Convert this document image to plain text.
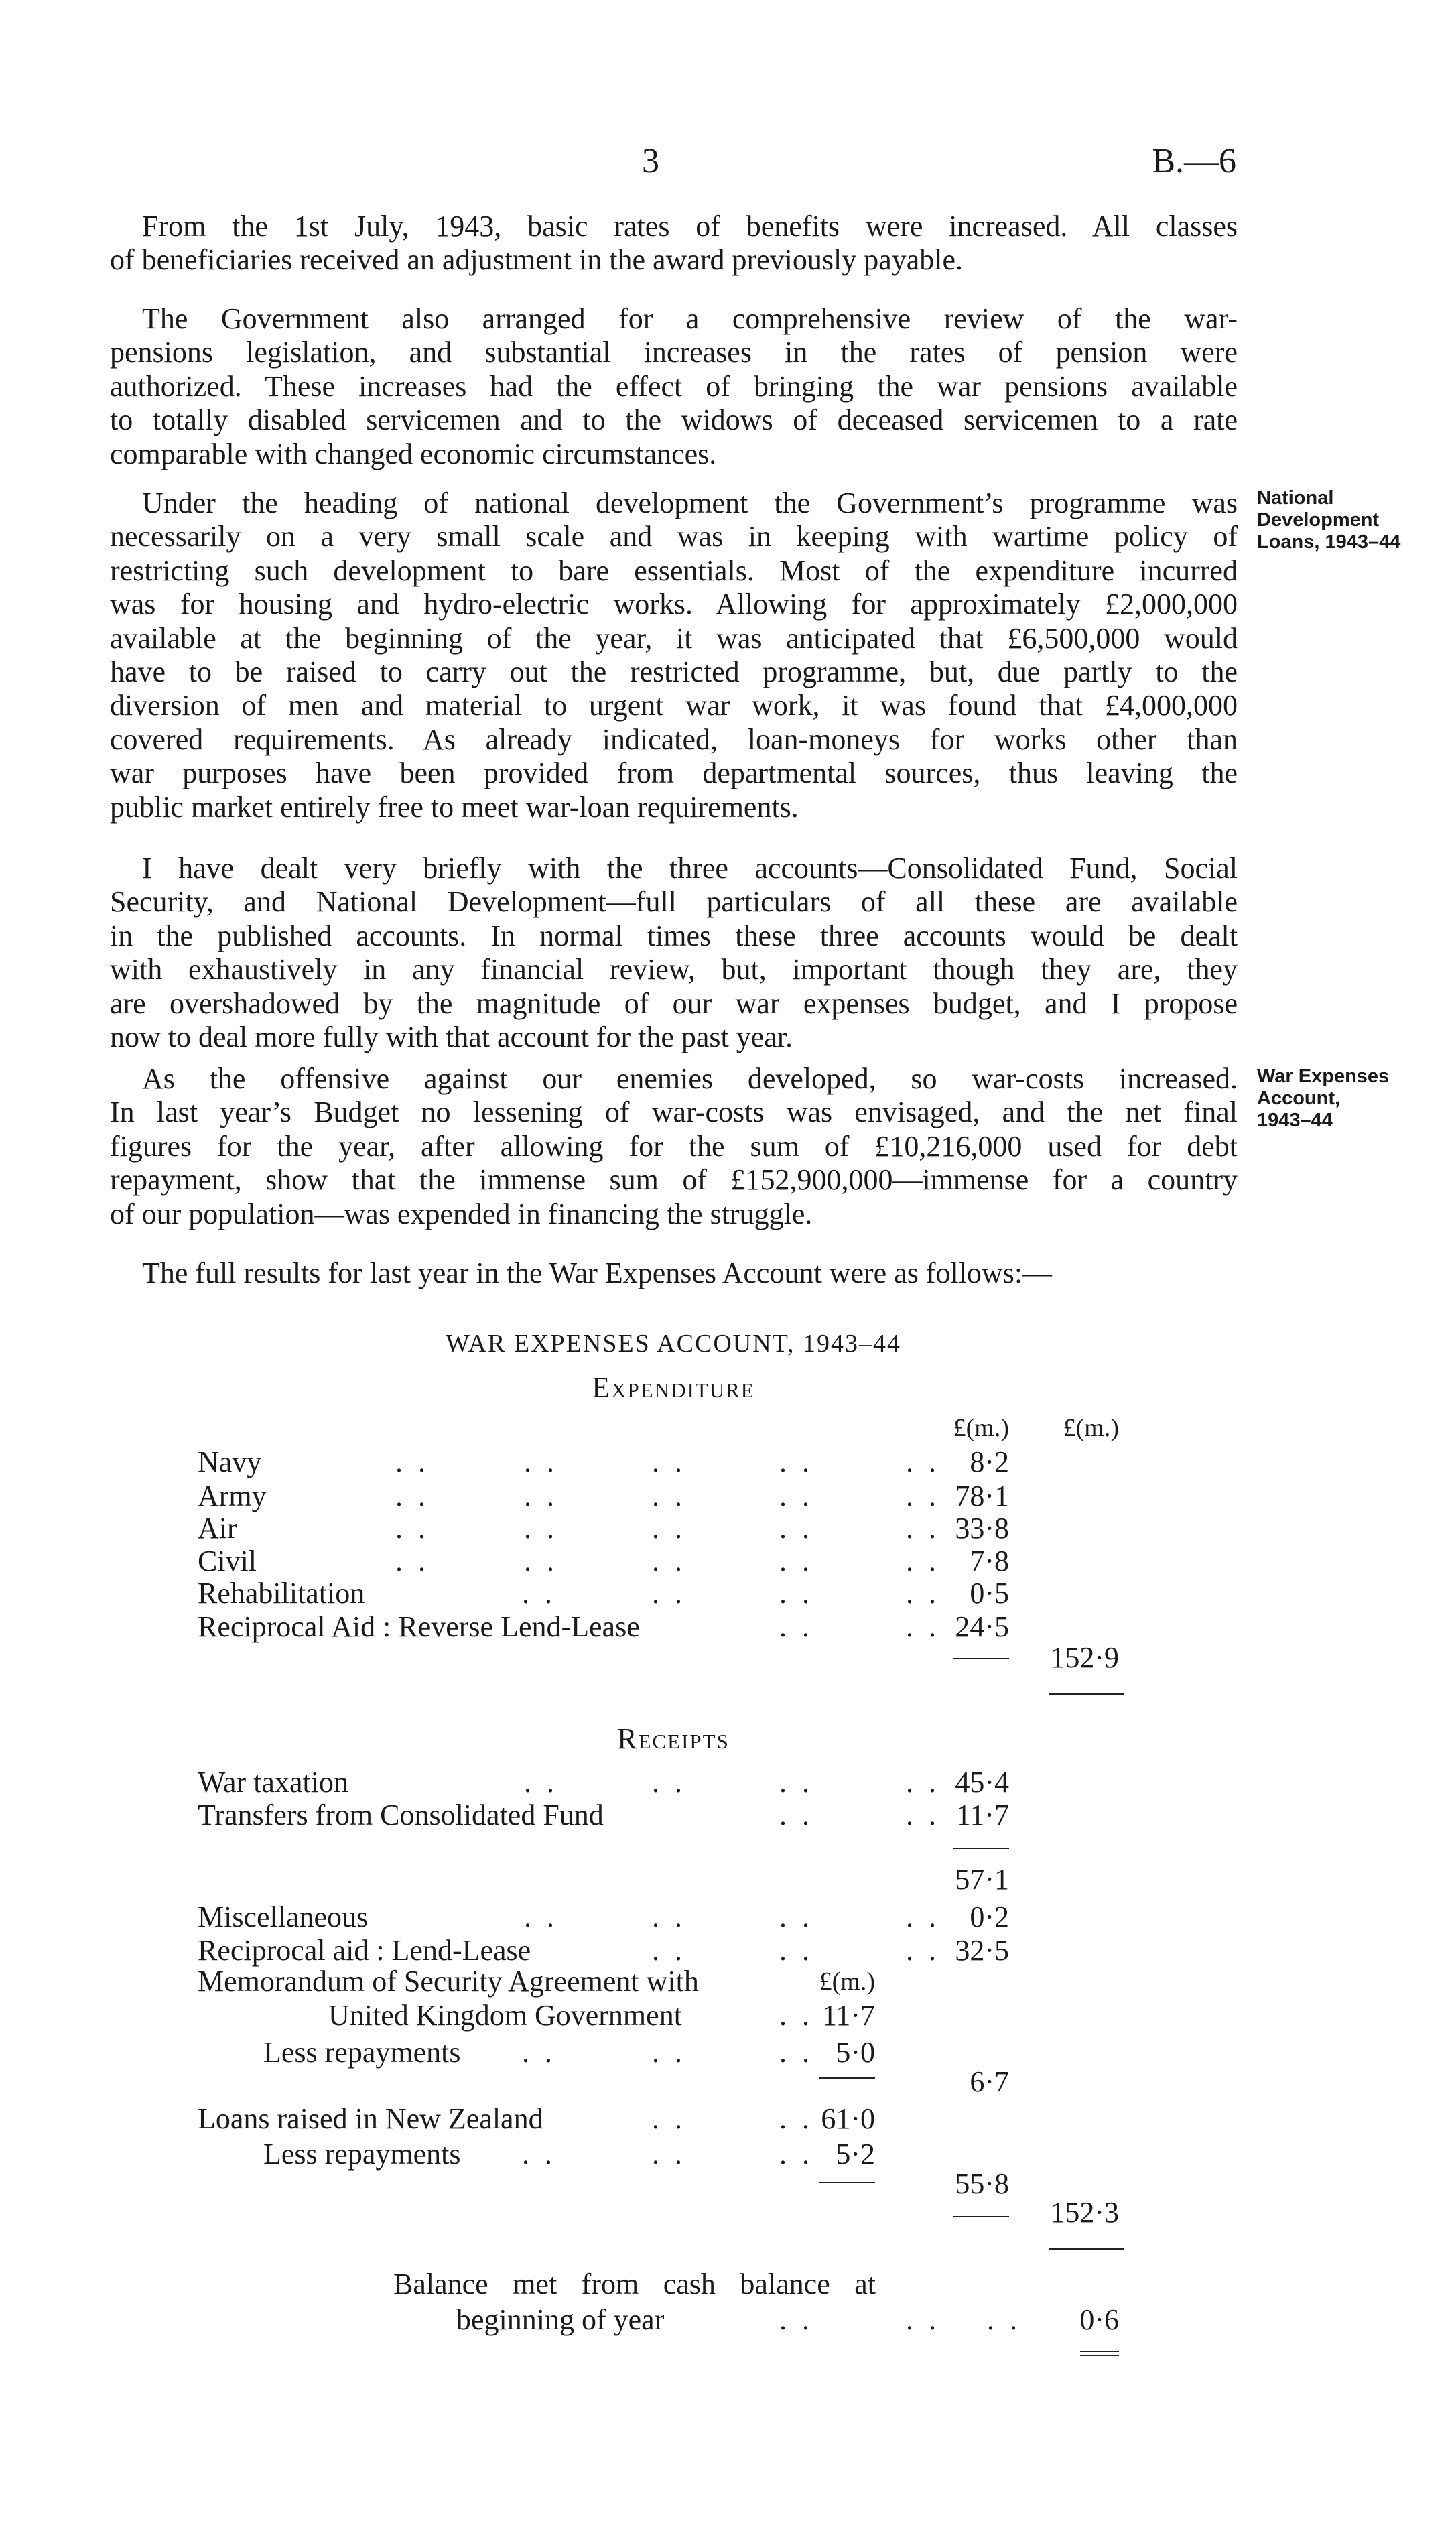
3	B.—6
From the 1st July, 1943, basic rates of benefits were increased. All classes
of beneficiaries received an adjustment in the award previously payable.
The Government also arranged for a comprehensive review of the war-
pensions legislation, and substantial increases in the rates of pension were
authorized. These increases had the effect of bringing the war pensions available
to totally disabled servicemen and to the widows of deceased servicemen to a rate
comparable with changed economic circumstances.
Under the heading of national development the Government’s programme was
necessarily on a very small scale and was in keeping with wartime policy of
restricting such development to bare essentials. Most of the expenditure incurred
was for housing and hydro-electric works. Allowing for approximately £2,000,000
available at the beginning of the year, it was anticipated that £6,500,000 would
have to be raised to carry out the restricted programme, but, due partly to the
diversion of men and material to urgent war work, it was found that £4,000,000
covered requirements. As already indicated, loan-moneys for works other than
war purposes have been provided from departmental sources, thus leaving the
public market entirely free to meet war-loan requirements.
I have dealt very briefly with the three accounts—Consolidated Fund, Social
Security, and National Development—full particulars of all these are available
in the published accounts. In normal times these three accounts would be dealt
with exhaustively in any financial review, but, important though they are, they
are overshadowed by the magnitude of our war expenses budget, and I propose
now to deal more fully with that account for the past year.
As the offensive against our enemies developed, so war-costs increased.
In last year’s Budget no lessening of war-costs was envisaged, and the net final
figures for the year, after allowing for the sum of £10,216,000 used for debt
repayment, show that the immense sum of £152,900,000—immense for a country
of our population—was expended in financing the struggle.
The full results for last year in the War Expenses Account were as follows:—
National
Development
Loans, 1943–44
War Expenses
Account,
1943–44
WAR EXPENSES ACCOUNT, 1943–44
Expenditure
£(m.) £(m.)
Navy	8·2
Army	78·1
Air	33·8
Civil	7·8
Rehabilitation	0·5
Reciprocal Aid : Reverse Lend-Lease	24·5
152·9
Receipts
War taxation	45·4
Transfers from Consolidated Fund	11·7
57·1
Miscellaneous	0·2
Reciprocal aid : Lend-Lease	32·5
Memorandum of Security Agreement with	£(m.)
United Kingdom Government	11·7
Less repayments	5·0
6·7
Loans raised in New Zealand	61·0
Less repayments	5·2
55·8
152·3
Balance met from cash balance at
beginning of year	0·6
. .	. .	. .	. .	. .
. .	. .	. .	. .	. .
. .	. .	. .	. .	. .
. .	. .	. .	. .	. .
. .	. .	. .	. .
. .	. .
. .	. .	. .	. .
. .	. .
. .	. .	. .	. .
. .	. .	. .
. .
. .	. .	. .
. .	. .
. .	. .	. .
. .	. . . .
